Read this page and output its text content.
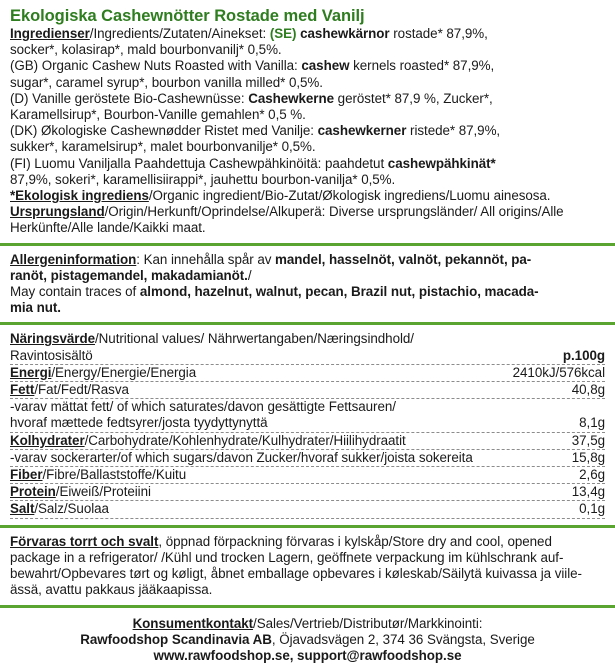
Ekologiska Cashewnötter Rostade med Vanilj

Ingredienser/Ingredients/Zutaten/Ainekset: (SE) cashewkärnor rostade* 87,9%,

socker*, kolasirap*, mald bourbonvanilj* 0,5%.

(GB) Organic Cashew Nuts Roasted with Vanilla: cashew kernels roasted* 87,9%,

sugar*, caramel syrup*, bourbon vanilla milled* 0,5%.

(D) Vanille geröstete Bio-Cashewnüsse: Cashewkerne geröstet* 87,9 %, Zucker*,

Karamellsirup*, Bourbon-Vanille gemahlen* 0,5 %.

(DK) Økologiske Cashewnødder Ristet med Vanilje: cashewkerner ristede* 87,9%,

sukker*, karamelsirup*, malet bourbonvanilje* 0,5%.

(FI) Luomu Vaniljalla Paahdettuja Cashewpähkinöitä: paahdetut cashewpähkinät*

87,9%, sokeri*, karamellisiirappi*, jauhettu bourbon-vanilja* 0,5%.

*Ekologisk ingrediens/Organic ingredient/Bio-Zutat/Økologisk ingrediens/Luomu ainesosa.

Ursprungsland/Origin/Herkunft/Oprindelse/Alkuperä: Diverse ursprungsländer/ All origins/Alle

Herkünfte/Alle lande/Kaikki maat.

Allergeninformation: Kan innehålla spår av mandel, hasselnöt, valnöt, pekannöt, pa-

ranöt, pistagemandel, makadamianöt./

May contain traces of almond, hazelnut, walnut, pecan, Brazil nut, pistachio, macada-

mia nut.

Näringsvärde/Nutritional values/ Nährwertangaben/Næringsindhold/

Ravintosisältö	p.100g
Energi/Energy/Energie/Energia	2410kJ/576kcal
Fett/Fat/Fedt/Rasva	40,8g
-varav mättat fett/ of which saturates/davon gesättigte Fettsauren/
hvoraf mættede fedtsyrer/josta tyydyttynyttä	8,1g
Kolhydrater/Carbohydrate/Kohlenhydrate/Kulhydrater/Hiilihydraatit	37,5g
-varav sockerarter/of which sugars/davon Zucker/hvoraf sukker/joista sokereita	15,8g
Fiber/Fibre/Ballaststoffe/Kuitu	2,6g
Protein/Eiweiß/Proteiini	13,4g
Salt/Salz/Suolaa	0,1g

Förvaras torrt och svalt, öppnad förpackning förvaras i kylskåp/Store dry and cool, opened

package in a refrigerator/ /Kühl und trocken Lagern, geöffnete verpackung im kühlschrank auf-

bewahrt/Opbevares tørt og køligt, åbnet emballage opbevares i køleskab/Säilytä kuivassa ja viile-

ässä, avattu pakkaus jääkaapissa.

Konsumentkontakt/Sales/Vertrieb/Distributør/Markkinointi:

Rawfoodshop Scandinavia AB, Öjavadsvägen 2, 374 36 Svängsta, Sverige

www.rawfoodshop.se, support@rawfoodshop.se
